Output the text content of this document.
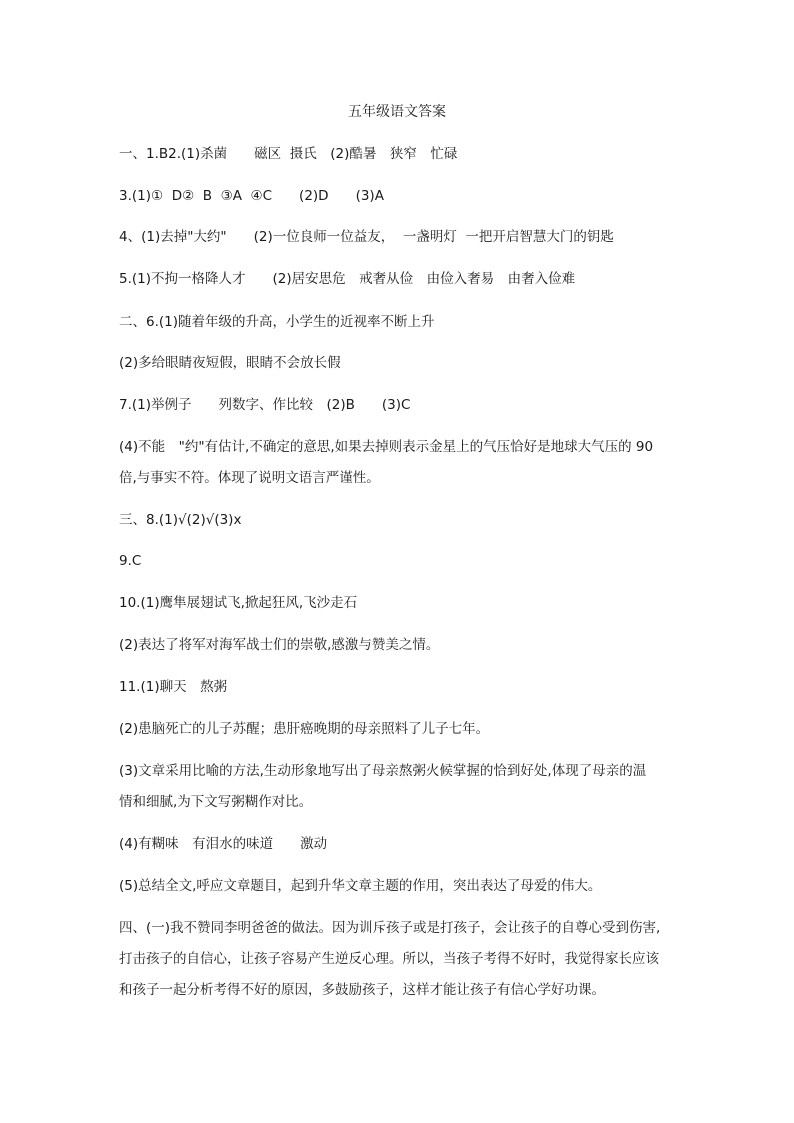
五年级语文答案
一、1.B2.(1)杀菌　　磁区  摄氏　(2)酷暑　狭窄　忙碌
3.(1)①  D②  B  ③A  ④C　　(2)D　　(3)A
4、(1)去掉"大约"　　(2)一位良师一位益友，  一盏明灯  一把开启智慧大门的钥匙
5.(1)不拘一格降人才　　(2)居安思危　戒奢从俭　由俭入奢易　由奢入俭难
二、6.(1)随着年级的升高，小学生的近视率不断上升
(2)多给眼睛夜短假，眼睛不会放长假
7.(1)举例子　　列数字、作比较　(2)B　　(3)C
(4)不能　"约"有估计,不确定的意思,如果去掉则表示金星上的气压恰好是地球大气压的 90
倍,与事实不符。体现了说明文语言严谨性。
三、8.(1)√(2)√(3)x
9.C
10.(1)鹰隼展翅试飞,掀起狂风,飞沙走石
(2)表达了将军对海军战士们的崇敬,感激与赞美之情。
11.(1)聊天　熬粥
(2)患脑死亡的儿子苏醒；患肝癌晚期的母亲照料了儿子七年。
(3)文章采用比喻的方法,生动形象地写出了母亲熬粥火候掌握的恰到好处,体现了母亲的温
情和细腻,为下文写粥糊作对比。
(4)有糊味　有泪水的味道　　激动
(5)总结全文,呼应文章题目，起到升华文章主题的作用，突出表达了母爱的伟大。
四、(一)我不赞同李明爸爸的做法。因为训斥孩子或是打孩子，会让孩子的自尊心受到伤害,
打击孩子的自信心，让孩子容易产生逆反心理。所以，当孩子考得不好时，我觉得家长应该
和孩子一起分析考得不好的原因，多鼓励孩子，这样才能让孩子有信心学好功课。
